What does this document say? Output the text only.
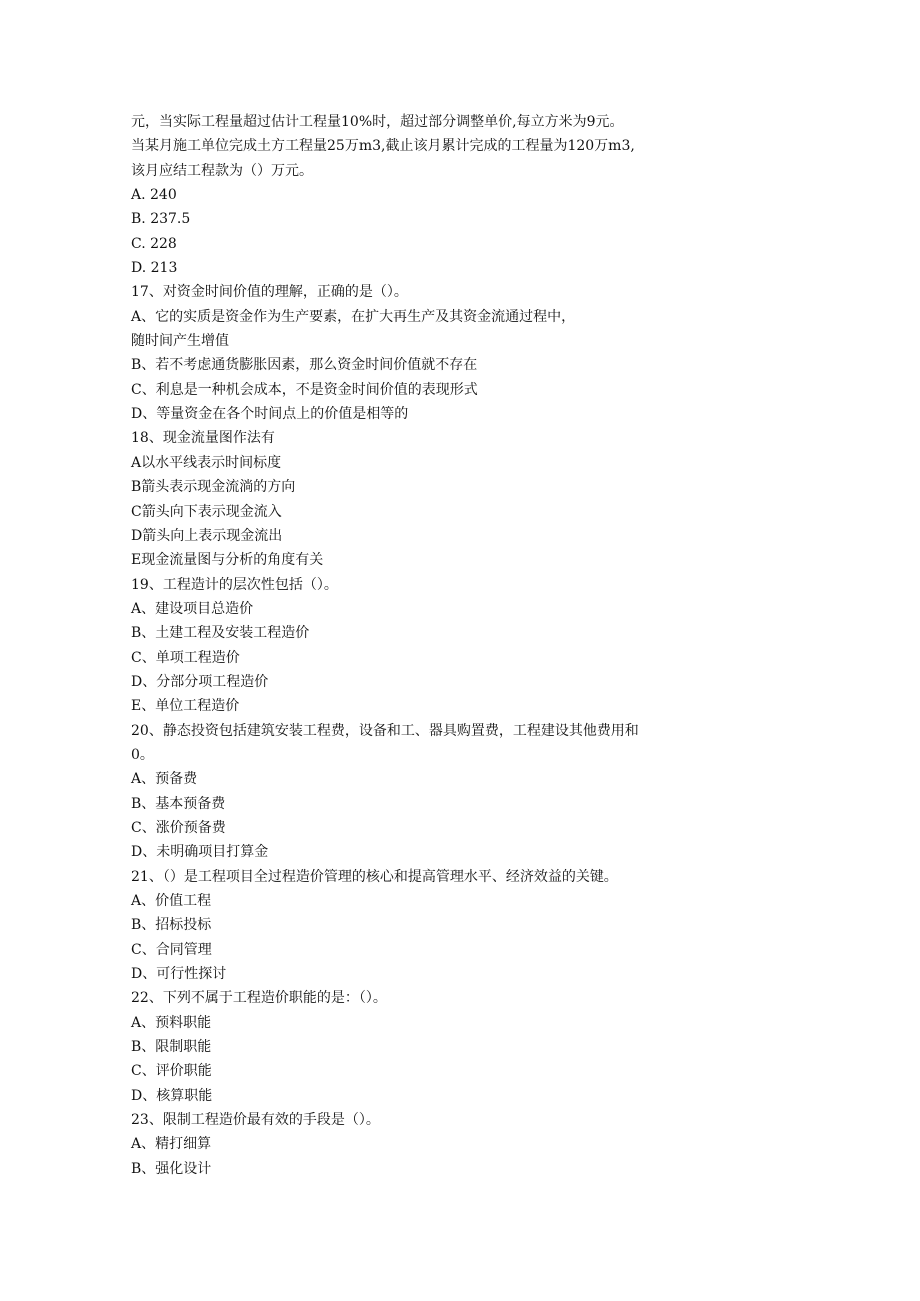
元，当实际工程量超过估计工程量10%时，超过部分调整单价,每立方米为9元。

当某月施工单位完成土方工程量25万m3,截止该月累计完成的工程量为120万m3,

该月应结工程款为（）万元。

A. 240

B. 237.5

C. 228

D. 213

17、对资金时间价值的理解，正确的是（）。

A、它的实质是资金作为生产要素，在扩大再生产及其资金流通过程中，

随时间产生增值

B、若不考虑通货膨胀因素，那么资金时间价值就不存在

C、利息是一种机会成本，不是资金时间价值的表现形式

D、等量资金在各个时间点上的价值是相等的

18、现金流量图作法有

A以水平线表示时间标度

B箭头表示现金流淌的方向

C箭头向下表示现金流入

D箭头向上表示现金流出

E现金流量图与分析的角度有关

19、工程造计的层次性包括（）。

A、建设项目总造价

B、土建工程及安装工程造价

C、单项工程造价

D、分部分项工程造价

E、单位工程造价

20、静态投资包括建筑安装工程费，设备和工、器具购置费，工程建设其他费用和

0。

A、预备费

B、基本预备费

C、涨价预备费

D、未明确项目打算金

21、（）是工程项目全过程造价管理的核心和提高管理水平、经济效益的关键。

A、价值工程

B、招标投标

C、合同管理

D、可行性探讨

22、下列不属于工程造价职能的是：（）。

A、预料职能

B、限制职能

C、评价职能

D、核算职能

23、限制工程造价最有效的手段是（）。

A、精打细算

B、强化设计
